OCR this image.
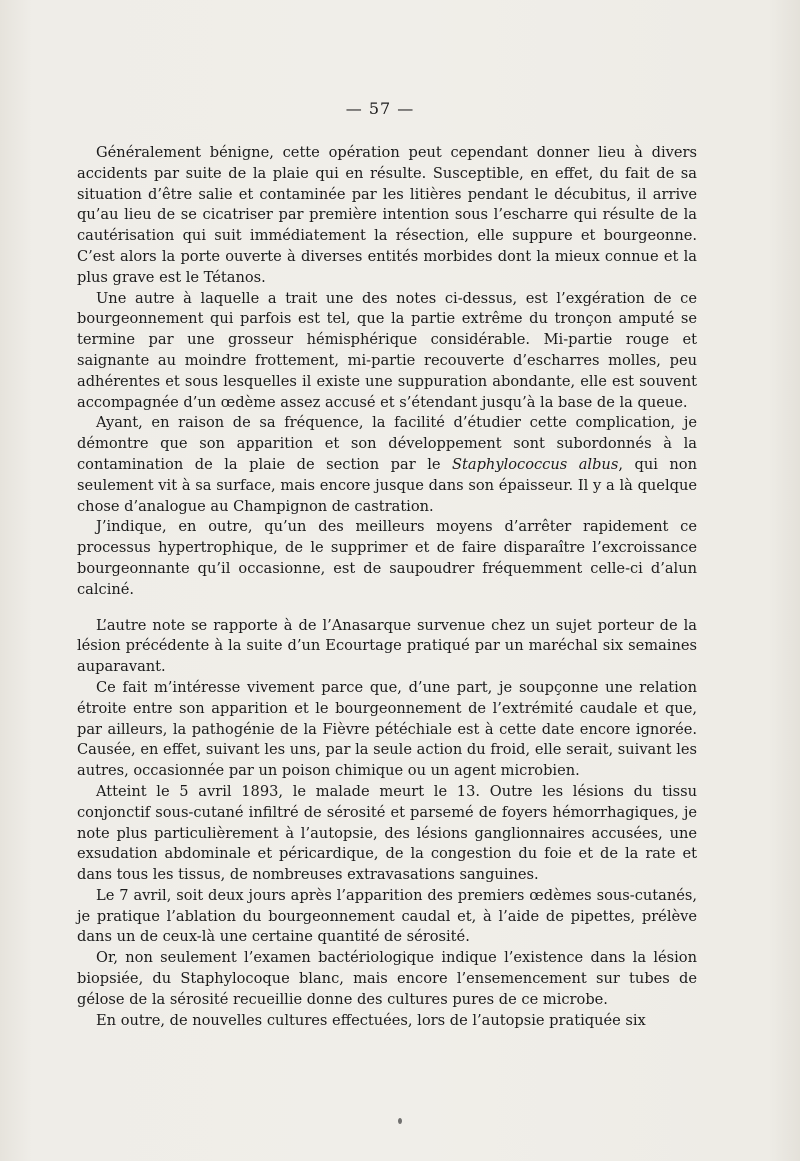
— 57 —

Généralement bénigne, cette opération peut cependant donner lieu à divers accidents par suite de la plaie qui en résulte. Susceptible, en effet, du fait de sa situation d’être salie et contaminée par les litières pendant le décubitus, il arrive qu’au lieu de se cicatriser par première intention sous l’escharre qui résulte de la cautérisation qui suit immédiatement la résection, elle suppure et bourgeonne. C’est alors la porte ouverte à diverses entités morbides dont la mieux connue et la plus grave est le Tétanos.

Une autre à laquelle a trait une des notes ci-dessus, est l’exgération de ce bourgeonnement qui parfois est tel, que la partie extrême du tronçon amputé se termine par une grosseur hémisphérique considérable. Mi-partie rouge et saignante au moindre frottement, mi-partie recouverte d’escharres molles, peu adhérentes et sous lesquelles il existe une suppuration abondante, elle est souvent accompagnée d’un œdème assez accusé et s’étendant jusqu’à la base de la queue.

Ayant, en raison de sa fréquence, la facilité d’étudier cette complication, je démontre que son apparition et son développement sont subordonnés à la contamination de la plaie de section par le Staphylococcus albus, qui non seulement vit à sa surface, mais encore jusque dans son épaisseur. Il y a là quelque chose d’analogue au Champignon de castration.

J’indique, en outre, qu’un des meilleurs moyens d’arrêter rapidement ce processus hypertrophique, de le supprimer et de faire disparaître l’excroissance bourgeonnante qu’il occasionne, est de saupoudrer fréquemment celle-ci d’alun calciné.

L’autre note se rapporte à de l’Anasarque survenue chez un sujet porteur de la lésion précédente à la suite d’un Ecourtage pratiqué par un maréchal six semaines auparavant.

Ce fait m’intéresse vivement parce que, d’une part, je soupçonne une relation étroite entre son apparition et le bourgeonnement de l’extrémité caudale et que, par ailleurs, la pathogénie de la Fièvre pétéchiale est à cette date encore ignorée. Causée, en effet, suivant les uns, par la seule action du froid, elle serait, suivant les autres, occasionnée par un poison chimique ou un agent microbien.

Atteint le 5 avril 1893, le malade meurt le 13. Outre les lésions du tissu conjonctif sous-cutané infiltré de sérosité et parsemé de foyers hémorrhagiques, je note plus particulièrement à l’autopsie, des lésions ganglionnaires accusées, une exsudation abdominale et péricardique, de la congestion du foie et de la rate et dans tous les tissus, de nombreuses extravasations sanguines.

Le 7 avril, soit deux jours après l’apparition des premiers œdèmes sous-cutanés, je pratique l’ablation du bourgeonnement caudal et, à l’aide de pipettes, prélève dans un de ceux-là une certaine quantité de sérosité.

Or, non seulement l’examen bactériologique indique l’existence dans la lésion biopsiée, du Staphylocoque blanc, mais encore l’ensemencement sur tubes de gélose de la sérosité recueillie donne des cultures pures de ce microbe.

En outre, de nouvelles cultures effectuées, lors de l’autopsie pratiquée six
